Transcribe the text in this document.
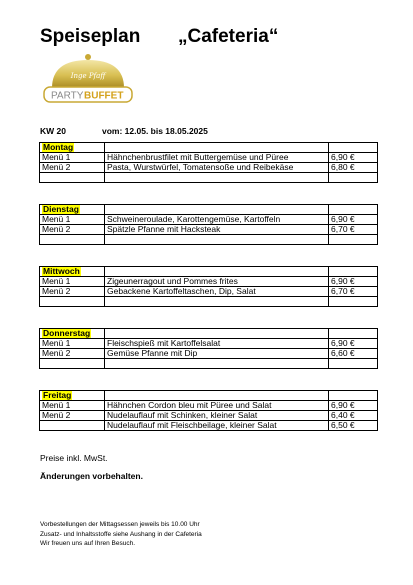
Speiseplan „Cafeteria“
Inge Pfaff
PARTY BUFFET
KW 20	vom: 12.05. bis 18.05.2025
Montag		
Menü 1	Hähnchenbrustfilet mit Buttergemüse und Püree	6,90 €
Menü 2	Pasta, Wurstwürfel, Tomatensoße und Reibekäse	6,80 €

Dienstag		
Menü 1	Schweineroulade, Karottengemüse, Kartoffeln	6,90 €
Menü 2	Spätzle Pfanne mit Hacksteak	6,70 €

Mittwoch		
Menü 1	Zigeunerragout und Pommes frites	6,90 €
Menü 2	Gebackene Kartoffeltaschen, Dip, Salat	6,70 €

Donnerstag		
Menü 1	Fleischspieß mit Kartoffelsalat	6,90 €
Menü 2	Gemüse Pfanne mit Dip	6,60 €

Freitag		
Menü 1	Hähnchen Cordon bleu mit Püree und Salat	6,90 €
Menü 2	Nudelauflauf mit Schinken, kleiner Salat	6,40 €
	Nudelauflauf mit Fleischbeilage, kleiner Salat	6,50 €
Preise inkl. MwSt.
Änderungen vorbehalten.
Vorbestellungen der Mittagsessen jeweils bis 10.00 Uhr
Zusatz- und Inhaltsstoffe siehe Aushang in der Cafeteria
Wir freuen uns auf Ihren Besuch.
